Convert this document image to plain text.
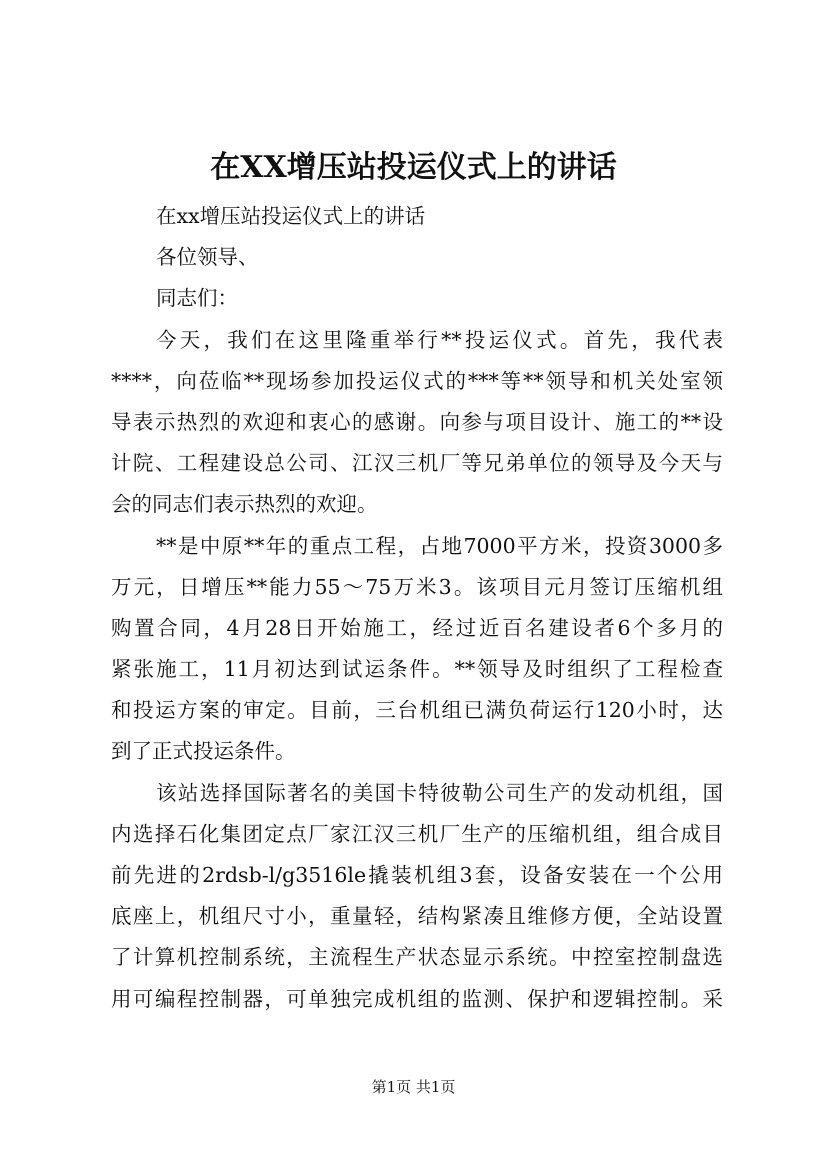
在XX增压站投运仪式上的讲话
在xx增压站投运仪式上的讲话
各位领导、
同志们：
今天，我们在这里隆重举行**投运仪式。首先，我代表
****，向莅临**现场参加投运仪式的***等**领导和机关处室领
导表示热烈的欢迎和衷心的感谢。向参与项目设计、施工的**设
计院、工程建设总公司、江汉三机厂等兄弟单位的领导及今天与
会的同志们表示热烈的欢迎。
**是中原**年的重点工程，占地7000平方米，投资3000多
万元，日增压**能力55～75万米3。该项目元月签订压缩机组
购置合同，4月28日开始施工，经过近百名建设者6个多月的
紧张施工，11月初达到试运条件。**领导及时组织了工程检查
和投运方案的审定。目前，三台机组已满负荷运行120小时，达
到了正式投运条件。
该站选择国际著名的美国卡特彼勒公司生产的发动机组，国
内选择石化集团定点厂家江汉三机厂生产的压缩机组，组合成目
前先进的2rdsb-l/g3516le撬装机组3套，设备安装在一个公用
底座上，机组尺寸小，重量轻，结构紧凑且维修方便，全站设置
了计算机控制系统，主流程生产状态显示系统。中控室控制盘选
用可编程控制器，可单独完成机组的监测、保护和逻辑控制。采
第1页 共1页
